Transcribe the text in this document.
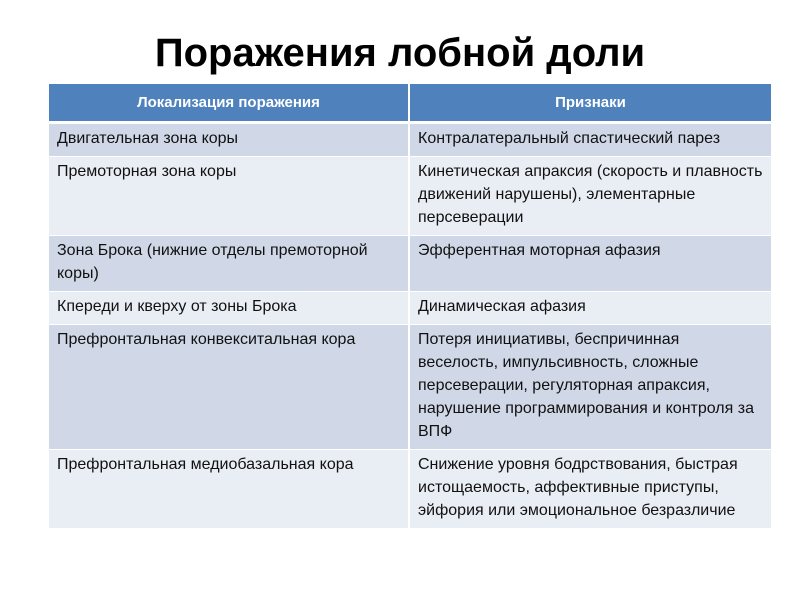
Поражения лобной доли
Локализация поражения	Признаки
Двигательная зона коры	Контралатеральный спастический парез
Премоторная зона коры	Кинетическая апраксия (скорость и плавность движений нарушены), элементарные персеверации
Зона Брока (нижние отделы премоторной коры)	Эфферентная моторная афазия
Кпереди и кверху от зоны Брока	Динамическая афазия
Префронтальная конвекситальная кора	Потеря инициативы, беспричинная веселость, импульсивность, сложные персеверации, регуляторная апраксия, нарушение программирования и контроля за ВПФ
Префронтальная медиобазальная кора	Снижение уровня бодрствования, быстрая истощаемость, аффективные приступы, эйфория или эмоциональное безразличие
